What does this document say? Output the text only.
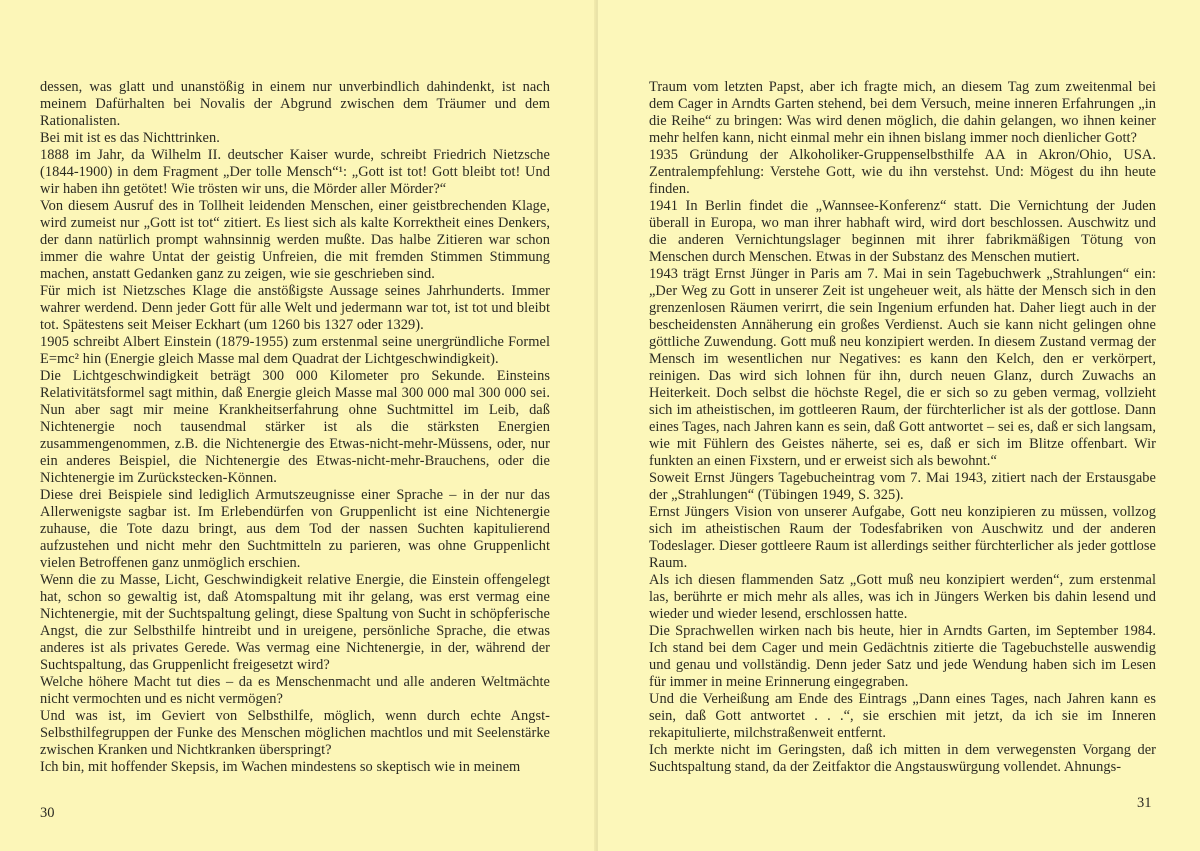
dessen, was glatt und unanstößig in einem nur unverbindlich dahindenkt, ist nach meinem Dafürhalten bei Novalis der Abgrund zwischen dem Träumer und dem Rationalisten.

Bei mit ist es das Nichttrinken.

1888 im Jahr, da Wilhelm II. deutscher Kaiser wurde, schreibt Friedrich Nietzsche (1844-1900) in dem Fragment „Der tolle Mensch“¹: „Gott ist tot! Gott bleibt tot! Und wir haben ihn getötet! Wie trösten wir uns, die Mörder aller Mörder?“

Von diesem Ausruf des in Tollheit leidenden Menschen, einer geistbrechenden Klage, wird zumeist nur „Gott ist tot“ zitiert. Es liest sich als kalte Korrektheit eines Denkers, der dann natürlich prompt wahnsinnig werden mußte. Das halbe Zitieren war schon immer die wahre Untat der geistig Unfreien, die mit fremden Stimmen Stimmung machen, anstatt Gedanken ganz zu zeigen, wie sie geschrieben sind.

Für mich ist Nietzsches Klage die anstößigste Aussage seines Jahrhunderts. Immer wahrer werdend. Denn jeder Gott für alle Welt und jedermann war tot, ist tot und bleibt tot. Spätestens seit Meiser Eckhart (um 1260 bis 1327 oder 1329).

1905 schreibt Albert Einstein (1879-1955) zum erstenmal seine unergründliche Formel E=mc² hin (Energie gleich Masse mal dem Quadrat der Lichtgeschwindigkeit).

Die Lichtgeschwindigkeit beträgt 300 000 Kilometer pro Sekunde. Einsteins Relativitätsformel sagt mithin, daß Energie gleich Masse mal 300 000 mal 300 000 sei. Nun aber sagt mir meine Krankheitserfahrung ohne Suchtmittel im Leib, daß Nichtenergie noch tausendmal stärker ist als die stärksten Energien zusammengenommen, z.B. die Nichtenergie des Etwas-nicht-mehr-Müssens, oder, nur ein anderes Beispiel, die Nichtenergie des Etwas-nicht-mehr-Brauchens, oder die Nichtenergie im Zurückstecken-Können.

Diese drei Beispiele sind lediglich Armutszeugnisse einer Sprache – in der nur das Allerwenigste sagbar ist. Im Erlebendürfen von Gruppenlicht ist eine Nichtenergie zuhause, die Tote dazu bringt, aus dem Tod der nassen Suchten kapitulierend aufzustehen und nicht mehr den Suchtmitteln zu parieren, was ohne Gruppenlicht vielen Betroffenen ganz unmöglich erschien.

Wenn die zu Masse, Licht, Geschwindigkeit relative Energie, die Einstein offengelegt hat, schon so gewaltig ist, daß Atomspaltung mit ihr gelang, was erst vermag eine Nichtenergie, mit der Suchtspaltung gelingt, diese Spaltung von Sucht in schöpferische Angst, die zur Selbsthilfe hintreibt und in ureigene, persönliche Sprache, die etwas anderes ist als privates Gerede. Was vermag eine Nichtenergie, in der, während der Suchtspaltung, das Gruppenlicht freigesetzt wird?

Welche höhere Macht tut dies – da es Menschenmacht und alle anderen Weltmächte nicht vermochten und es nicht vermögen?

Und was ist, im Geviert von Selbsthilfe, möglich, wenn durch echte Angst-Selbsthilfegruppen der Funke des Menschen möglichen machtlos und mit Seelenstärke zwischen Kranken und Nichtkranken überspringt?

Ich bin, mit hoffender Skepsis, im Wachen mindestens so skeptisch wie in meinem

30

Traum vom letzten Papst, aber ich fragte mich, an diesem Tag zum zweitenmal bei dem Cager in Arndts Garten stehend, bei dem Versuch, meine inneren Erfahrungen „in die Reihe“ zu bringen: Was wird denen möglich, die dahin gelangen, wo ihnen keiner mehr helfen kann, nicht einmal mehr ein ihnen bislang immer noch dienlicher Gott?

1935 Gründung der Alkoholiker-Gruppenselbsthilfe AA in Akron/Ohio, USA. Zentralempfehlung: Verstehe Gott, wie du ihn verstehst. Und: Mögest du ihn heute finden.

1941 In Berlin findet die „Wannsee-Konferenz“ statt. Die Vernichtung der Juden überall in Europa, wo man ihrer habhaft wird, wird dort beschlossen. Auschwitz und die anderen Vernichtungslager beginnen mit ihrer fabrikmäßigen Tötung von Menschen durch Menschen. Etwas in der Substanz des Menschen mutiert.

1943 trägt Ernst Jünger in Paris am 7. Mai in sein Tagebuchwerk „Strahlungen“ ein: „Der Weg zu Gott in unserer Zeit ist ungeheuer weit, als hätte der Mensch sich in den grenzenlosen Räumen verirrt, die sein Ingenium erfunden hat. Daher liegt auch in der bescheidensten Annäherung ein großes Verdienst. Auch sie kann nicht gelingen ohne göttliche Zuwendung. Gott muß neu konzipiert werden. In diesem Zustand vermag der Mensch im wesentlichen nur Negatives: es kann den Kelch, den er verkörpert, reinigen. Das wird sich lohnen für ihn, durch neuen Glanz, durch Zuwachs an Heiterkeit. Doch selbst die höchste Regel, die er sich so zu geben vermag, vollzieht sich im atheistischen, im gottleeren Raum, der fürchterlicher ist als der gottlose. Dann eines Tages, nach Jahren kann es sein, daß Gott antwortet – sei es, daß er sich langsam, wie mit Fühlern des Geistes näherte, sei es, daß er sich im Blitze offenbart. Wir funkten an einen Fixstern, und er erweist sich als bewohnt.“

Soweit Ernst Jüngers Tagebucheintrag vom 7. Mai 1943, zitiert nach der Erstausgabe der „Strahlungen“ (Tübingen 1949, S. 325).

Ernst Jüngers Vision von unserer Aufgabe, Gott neu konzipieren zu müssen, vollzog sich im atheistischen Raum der Todesfabriken von Auschwitz und der anderen Todeslager. Dieser gottleere Raum ist allerdings seither fürchterlicher als jeder gottlose Raum.

Als ich diesen flammenden Satz „Gott muß neu konzipiert werden“, zum erstenmal las, berührte er mich mehr als alles, was ich in Jüngers Werken bis dahin lesend und wieder und wieder lesend, erschlossen hatte.

Die Sprachwellen wirken nach bis heute, hier in Arndts Garten, im September 1984. Ich stand bei dem Cager und mein Gedächtnis zitierte die Tagebuchstelle auswendig und genau und vollständig. Denn jeder Satz und jede Wendung haben sich im Lesen für immer in meine Erinnerung eingegraben.

Und die Verheißung am Ende des Eintrags „Dann eines Tages, nach Jahren kann es sein, daß Gott antwortet . . .“, sie erschien mit jetzt, da ich sie im Inneren rekapitulierte, milchstraßenweit entfernt.

Ich merkte nicht im Geringsten, daß ich mitten in dem verwegensten Vorgang der Suchtspaltung stand, da der Zeitfaktor die Angstauswürgung vollendet. Ahnungs-

31
